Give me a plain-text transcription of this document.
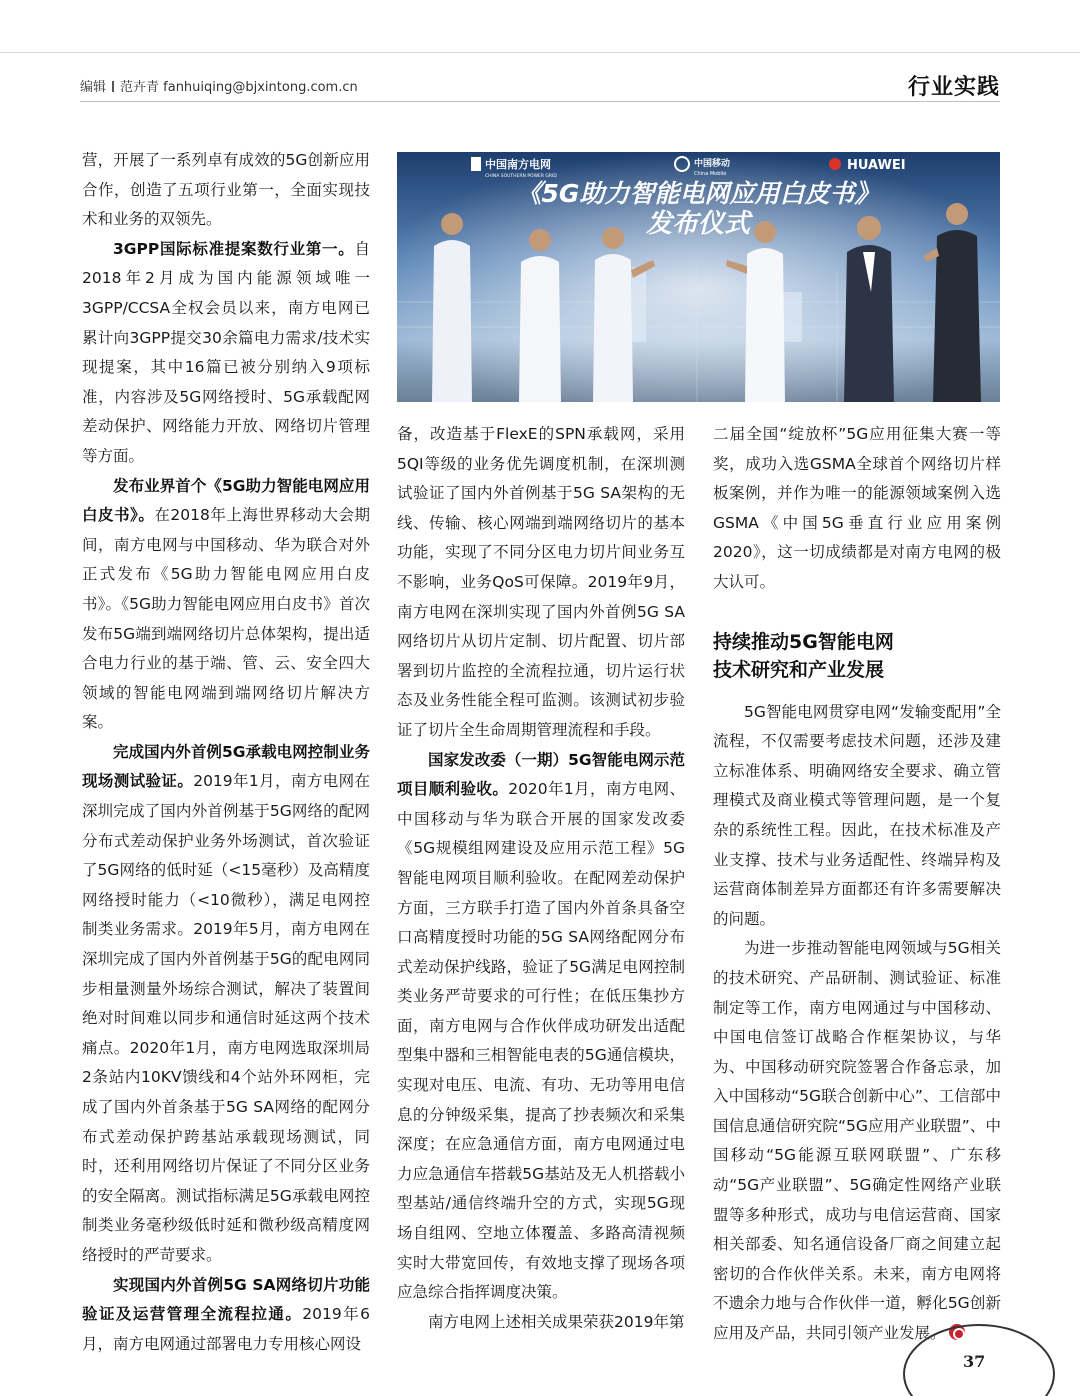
编辑 范卉青 fanhuiqing@bjxintong.com.cn	行业实践

营，开展了一系列卓有成效的5G创新应用合作，创造了五项行业第一，全面实现技术和业务的双领先。

3GPP国际标准提案数行业第一。自2018年2月成为国内能源领域唯一3GPP/CCSA全权会员以来，南方电网已累计向3GPP提交30余篇电力需求/技术实现提案，其中16篇已被分别纳入9项标准，内容涉及5G网络授时、5G承载配网差动保护、网络能力开放、网络切片管理等方面。

发布业界首个《5G助力智能电网应用白皮书》。在2018年上海世界移动大会期间，南方电网与中国移动、华为联合对外正式发布《5G助力智能电网应用白皮书》。《5G助力智能电网应用白皮书》首次发布5G端到端网络切片总体架构，提出适合电力行业的基于端、管、云、安全四大领域的智能电网端到端网络切片解决方案。

完成国内外首例5G承载电网控制业务现场测试验证。2019年1月，南方电网在深圳完成了国内外首例基于5G网络的配网分布式差动保护业务外场测试，首次验证了5G网络的低时延（<15毫秒）及高精度网络授时能力（<10微秒），满足电网控制类业务需求。2019年5月，南方电网在深圳完成了国内外首例基于5G的配电网同步相量测量外场综合测试，解决了装置间绝对时间难以同步和通信时延这两个技术痛点。2020年1月，南方电网选取深圳局2条站内10KV馈线和4个站外环网柜，完成了国内外首条基于5G SA网络的配网分布式差动保护跨基站承载现场测试，同时，还利用网络切片保证了不同分区业务的安全隔离。测试指标满足5G承载电网控制类业务毫秒级低时延和微秒级高精度网络授时的严苛要求。

实现国内外首例5G SA网络切片功能验证及运营管理全流程拉通。2019年6月，南方电网通过部署电力专用核心网设

中国南方电网
CHINA SOUTHERN POWER GRID
中国移动
China Mobile
HUAWEI
《5G助力智能电网应用白皮书》
发布仪式

备，改造基于FlexE的SPN承载网，采用5QI等级的业务优先调度机制，在深圳测试验证了国内外首例基于5G SA架构的无线、传输、核心网端到端网络切片的基本功能，实现了不同分区电力切片间业务互不影响，业务QoS可保障。2019年9月，南方电网在深圳实现了国内外首例5G SA网络切片从切片定制、切片配置、切片部署到切片监控的全流程拉通，切片运行状态及业务性能全程可监测。该测试初步验证了切片全生命周期管理流程和手段。

国家发改委（一期）5G智能电网示范项目顺利验收。2020年1月，南方电网、中国移动与华为联合开展的国家发改委《5G规模组网建设及应用示范工程》5G智能电网项目顺利验收。在配网差动保护方面，三方联手打造了国内外首条具备空口高精度授时功能的5G SA网络配网分布式差动保护线路，验证了5G满足电网控制类业务严苛要求的可行性；在低压集抄方面，南方电网与合作伙伴成功研发出适配型集中器和三相智能电表的5G通信模块，实现对电压、电流、有功、无功等用电信息的分钟级采集，提高了抄表频次和采集深度；在应急通信方面，南方电网通过电力应急通信车搭载5G基站及无人机搭载小型基站/通信终端升空的方式，实现5G现场自组网、空地立体覆盖、多路高清视频实时大带宽回传，有效地支撑了现场各项应急综合指挥调度决策。

南方电网上述相关成果荣获2019年第

二届全国“绽放杯”5G应用征集大赛一等奖，成功入选GSMA全球首个网络切片样板案例，并作为唯一的能源领域案例入选GSMA《中国5G垂直行业应用案例2020》，这一切成绩都是对南方电网的极大认可。

持续推动5G智能电网
技术研究和产业发展

5G智能电网贯穿电网“发输变配用”全流程，不仅需要考虑技术问题，还涉及建立标准体系、明确网络安全要求、确立管理模式及商业模式等管理问题，是一个复杂的系统性工程。因此，在技术标准及产业支撑、技术与业务适配性、终端异构及运营商体制差异方面都还有许多需要解决的问题。

为进一步推动智能电网领域与5G相关的技术研究、产品研制、测试验证、标准制定等工作，南方电网通过与中国移动、中国电信签订战略合作框架协议，与华为、中国移动研究院签署合作备忘录，加入中国移动“5G联合创新中心”、工信部中国信息通信研究院“5G应用产业联盟”、中国移动“5G能源互联网联盟”、广东移动“5G产业联盟”、5G确定性网络产业联盟等多种形式，成功与电信运营商、国家相关部委、知名通信设备厂商之间建立起密切的合作伙伴关系。未来，南方电网将不遗余力地与合作伙伴一道，孵化5G创新应用及产品，共同引领产业发展。

37
